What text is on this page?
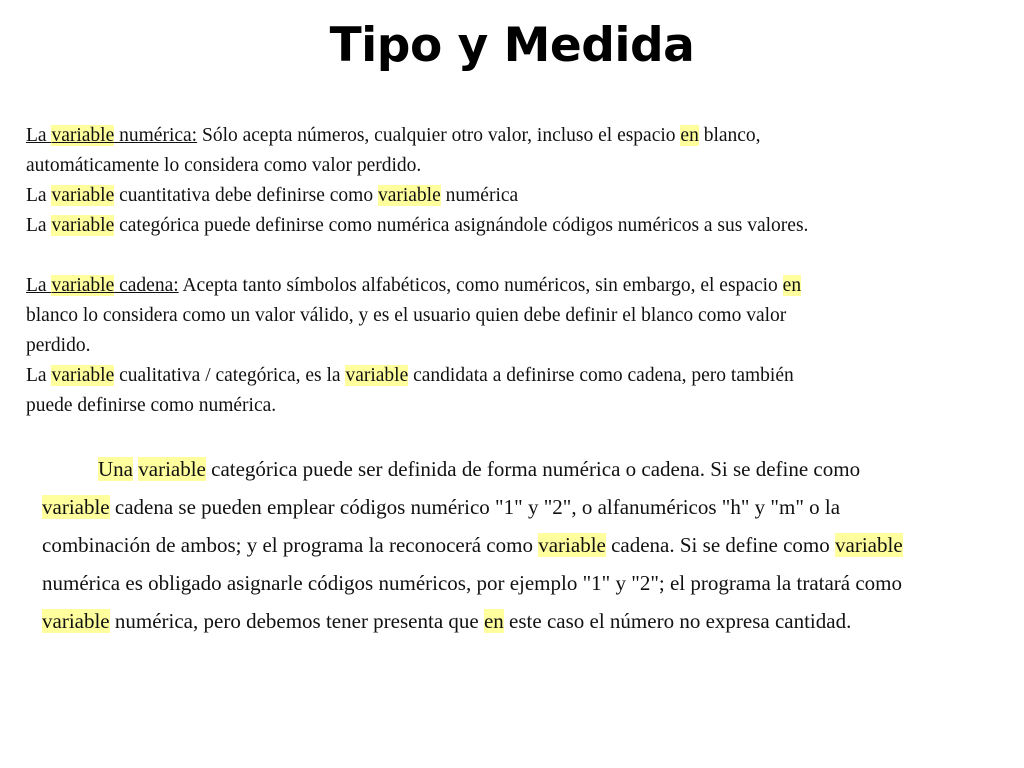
Tipo y Medida
La variable numérica: Sólo acepta números, cualquier otro valor, incluso el espacio en blanco,
automáticamente lo considera como valor perdido.
La variable cuantitativa debe definirse como variable numérica
La variable categórica puede definirse como numérica asignándole códigos numéricos a sus valores.
La variable cadena: Acepta tanto símbolos alfabéticos, como numéricos, sin embargo, el espacio en
blanco lo considera como un valor válido, y es el usuario quien debe definir el blanco como valor
perdido.
La variable cualitativa / categórica, es la variable candidata a definirse como cadena, pero también
puede definirse como numérica.
Una variable categórica puede ser definida de forma numérica o cadena. Si se define como
variable cadena se pueden emplear códigos numérico "1" y "2", o alfanuméricos "h" y "m" o la
combinación de ambos; y el programa la reconocerá como variable cadena. Si se define como variable
numérica es obligado asignarle códigos numéricos, por ejemplo "1" y "2"; el programa la tratará como
variable numérica, pero debemos tener presenta que en este caso el número no expresa cantidad.
